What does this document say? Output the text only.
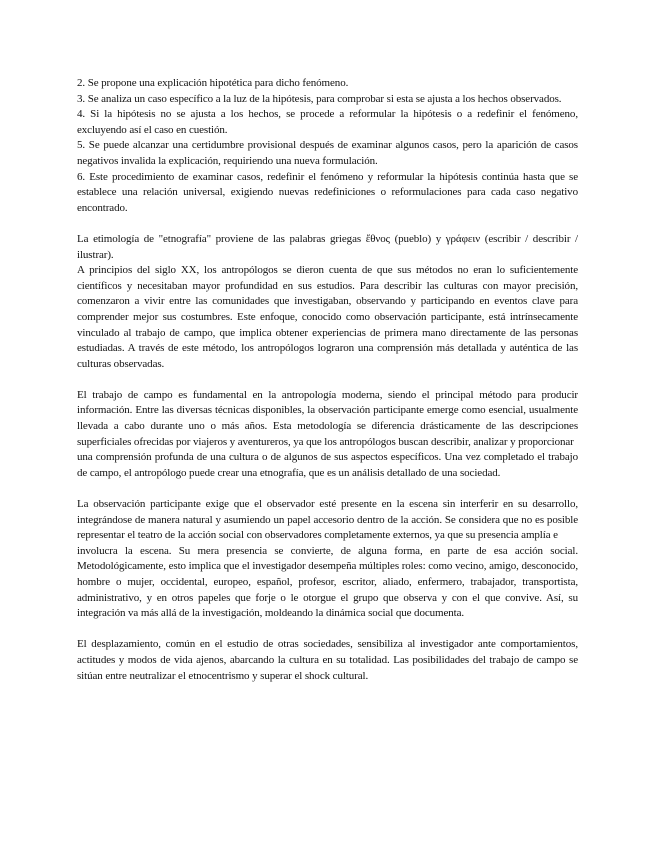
2. Se propone una explicación hipotética para dicho fenómeno.

3. Se analiza un caso específico a la luz de la hipótesis, para comprobar si esta se ajusta a los hechos observados.

4. Si la hipótesis no se ajusta a los hechos, se procede a reformular la hipótesis o a redefinir el fenómeno, excluyendo así el caso en cuestión.

5. Se puede alcanzar una certidumbre provisional después de examinar algunos casos, pero la aparición de casos negativos invalida la explicación, requiriendo una nueva formulación.

6. Este procedimiento de examinar casos, redefinir el fenómeno y reformular la hipótesis continúa hasta que se establece una relación universal, exigiendo nuevas redefiniciones o reformulaciones para cada caso negativo encontrado.

La etimología de "etnografía" proviene de las palabras griegas ἔθνος (pueblo) y γράφειν (escribir / describir / ilustrar).

A principios del siglo XX, los antropólogos se dieron cuenta de que sus métodos no eran lo suficientemente científicos y necesitaban mayor profundidad en sus estudios. Para describir las culturas con mayor precisión, comenzaron a vivir entre las comunidades que investigaban, observando y participando en eventos clave para comprender mejor sus costumbres. Este enfoque, conocido como observación participante, está intrínsecamente vinculado al trabajo de campo, que implica obtener experiencias de primera mano directamente de las personas estudiadas. A través de este método, los antropólogos lograron una comprensión más detallada y auténtica de las culturas observadas.

El trabajo de campo es fundamental en la antropología moderna, siendo el principal método para producir información. Entre las diversas técnicas disponibles, la observación participante emerge como esencial, usualmente llevada a cabo durante uno o más años. Esta metodología se diferencia drásticamente de las descripciones superficiales ofrecidas por viajeros y aventureros, ya que los antropólogos buscan describir, analizar y proporcionar

una comprensión profunda de una cultura o de algunos de sus aspectos específicos. Una vez completado el trabajo de campo, el antropólogo puede crear una etnografía, que es un análisis detallado de una sociedad.

La observación participante exige que el observador esté presente en la escena sin interferir en su desarrollo, integrándose de manera natural y asumiendo un papel accesorio dentro de la acción. Se considera que no es posible representar el teatro de la acción social con observadores completamente externos, ya que su presencia amplía e

involucra la escena. Su mera presencia se convierte, de alguna forma, en parte de esa acción social. Metodológicamente, esto implica que el investigador desempeña múltiples roles: como vecino, amigo, desconocido, hombre o mujer, occidental, europeo, español, profesor, escritor, aliado, enfermero, trabajador, transportista, administrativo, y en otros papeles que forje o le otorgue el grupo que observa y con el que convive. Así, su integración va más allá de la investigación, moldeando la dinámica social que documenta.

El desplazamiento, común en el estudio de otras sociedades, sensibiliza al investigador ante comportamientos, actitudes y modos de vida ajenos, abarcando la cultura en su totalidad. Las posibilidades del trabajo de campo se sitúan entre neutralizar el etnocentrismo y superar el shock cultural.
